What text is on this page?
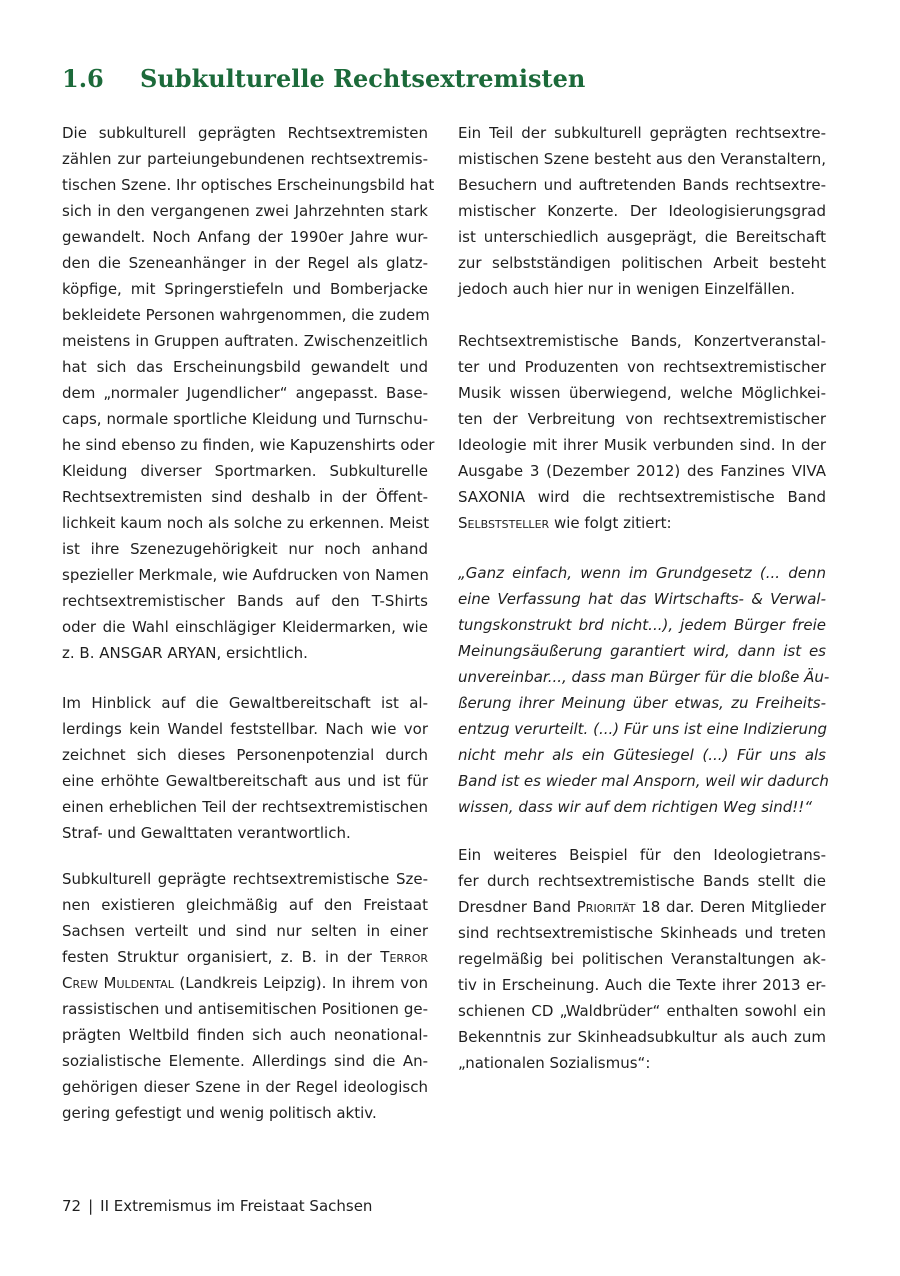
1.6 Subkulturelle Rechtsextremisten
Die subkulturell geprägten Rechtsextremisten
zählen zur parteiungebundenen rechtsextremis-
tischen Szene. Ihr optisches Erscheinungsbild hat
sich in den vergangenen zwei Jahrzehnten stark
gewandelt. Noch Anfang der 1990er Jahre wur-
den die Szeneanhänger in der Regel als glatz-
köpfige, mit Springerstiefeln und Bomberjacke
bekleidete Personen wahrgenommen, die zudem
meistens in Gruppen auftraten. Zwischenzeitlich
hat sich das Erscheinungsbild gewandelt und
dem „normaler Jugendlicher“ angepasst. Base-
caps, normale sportliche Kleidung und Turnschu-
he sind ebenso zu finden, wie Kapuzenshirts oder
Kleidung diverser Sportmarken. Subkulturelle
Rechtsextremisten sind deshalb in der Öffent-
lichkeit kaum noch als solche zu erkennen. Meist
ist ihre Szenezugehörigkeit nur noch anhand
spezieller Merkmale, wie Aufdrucken von Namen
rechtsextremistischer Bands auf den T-Shirts
oder die Wahl einschlägiger Kleidermarken, wie
z. B. ANSGAR ARYAN, ersichtlich.
Im Hinblick auf die Gewaltbereitschaft ist al-
lerdings kein Wandel feststellbar. Nach wie vor
zeichnet sich dieses Personenpotenzial durch
eine erhöhte Gewaltbereitschaft aus und ist für
einen erheblichen Teil der rechtsextremistischen
Straf- und Gewalttaten verantwortlich.
Subkulturell geprägte rechtsextremistische Sze-
nen existieren gleichmäßig auf den Freistaat
Sachsen verteilt und sind nur selten in einer
festen Struktur organisiert, z. B. in der Terror
Crew Muldental (Landkreis Leipzig). In ihrem von
rassistischen und antisemitischen Positionen ge-
prägten Weltbild finden sich auch neonational-
sozialistische Elemente. Allerdings sind die An-
gehörigen dieser Szene in der Regel ideologisch
gering gefestigt und wenig politisch aktiv.
Ein Teil der subkulturell geprägten rechtsextre-
mistischen Szene besteht aus den Veranstaltern,
Besuchern und auftretenden Bands rechtsextre-
mistischer Konzerte. Der Ideologisierungsgrad
ist unterschiedlich ausgeprägt, die Bereitschaft
zur selbstständigen politischen Arbeit besteht
jedoch auch hier nur in wenigen Einzelfällen.
Rechtsextremistische Bands, Konzertveranstal-
ter und Produzenten von rechtsextremistischer
Musik wissen überwiegend, welche Möglichkei-
ten der Verbreitung von rechtsextremistischer
Ideologie mit ihrer Musik verbunden sind. In der
Ausgabe 3 (Dezember 2012) des Fanzines VIVA
SAXONIA wird die rechtsextremistische Band
Selbststeller wie folgt zitiert:
„Ganz einfach, wenn im Grundgesetz (... denn
eine Verfassung hat das Wirtschafts- & Verwal-
tungskonstrukt brd nicht...), jedem Bürger freie
Meinungsäußerung garantiert wird, dann ist es
unvereinbar..., dass man Bürger für die bloße Äu-
ßerung ihrer Meinung über etwas, zu Freiheits-
entzug verurteilt. (...) Für uns ist eine Indizierung
nicht mehr als ein Gütesiegel (...) Für uns als
Band ist es wieder mal Ansporn, weil wir dadurch
wissen, dass wir auf dem richtigen Weg sind!!“
Ein weiteres Beispiel für den Ideologietrans-
fer durch rechtsextremistische Bands stellt die
Dresdner Band Priorität 18 dar. Deren Mitglieder
sind rechtsextremistische Skinheads und treten
regelmäßig bei politischen Veranstaltungen ak-
tiv in Erscheinung. Auch die Texte ihrer 2013 er-
schienen CD „Waldbrüder“ enthalten sowohl ein
Bekenntnis zur Skinheadsubkultur als auch zum
„nationalen Sozialismus“:
72 | II Extremismus im Freistaat Sachsen
